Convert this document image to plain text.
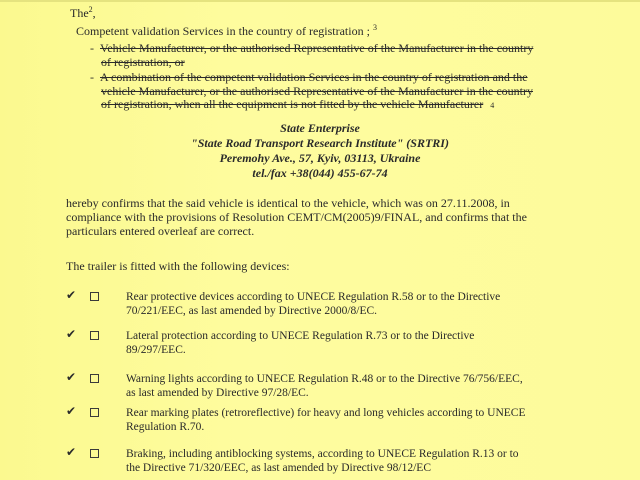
The$^2$,
Competent validation Services in the country of registration ; $^3$
- Vehicle Manufacturer, or the authorised Representative of the Manufacturer in the country
of registration, or
- A combination of the competent validation Services in the country of registration and the
vehicle Manufacturer, or the authorised Representative of the Manufacturer in the country
of registration, when all the equipment is not fitted by the vehicle Manufacturer 4
State Enterprise
"State Road Transport Research Institute" (SRTRI)
Peremohy Ave., 57, Kyiv, 03113, Ukraine
tel./fax +38(044) 455-67-74
hereby confirms that the said vehicle is identical to the vehicle, which was on 27.11.2008, in
compliance with the provisions of Resolution CEMT/CM(2005)9/FINAL, and confirms that the
particulars entered overleaf are correct.
The trailer is fitted with the following devices:
✔	Rear protective devices according to UNECE Regulation R.58 or to the Directive
70/221/EEC, as last amended by Directive 2000/8/EC.
✔	Lateral protection according to UNECE Regulation R.73 or to the Directive
89/297/EEC.
✔	Warning lights according to UNECE Regulation R.48 or to the Directive 76/756/EEC,
as last amended by Directive 97/28/EC.
✔	Rear marking plates (retroreflective) for heavy and long vehicles according to UNECE
Regulation R.70.
✔	Braking, including antiblocking systems, according to UNECE Regulation R.13 or to
the Directive 71/320/EEC, as last amended by Directive 98/12/EC
